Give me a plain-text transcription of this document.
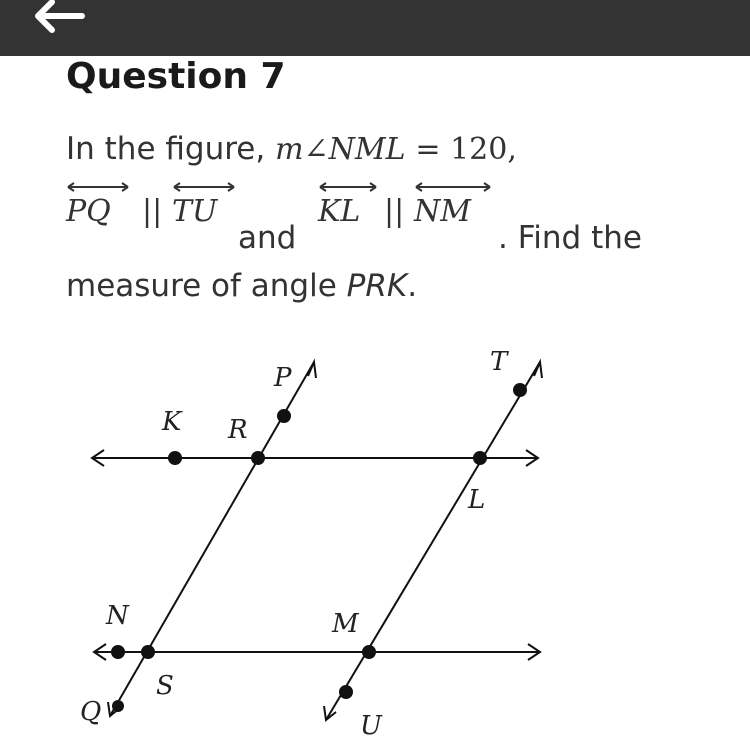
Question 7
In the figure, m∠NML = 120,
PQ || TU
and
KL || NM
. Find the
measure of angle PRK.
P
T
K R
L
N	M
S
Q	U
